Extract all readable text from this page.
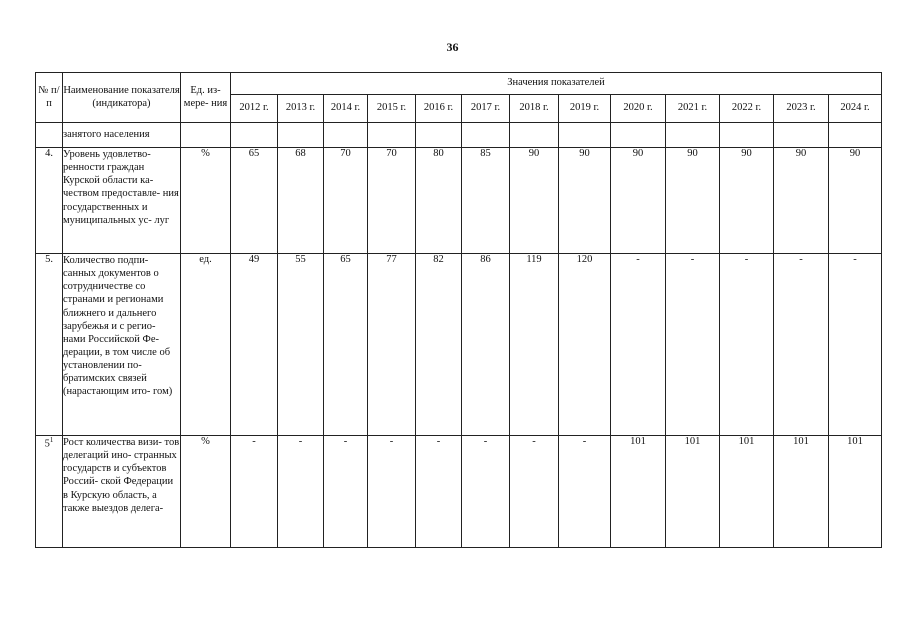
36
№ п/п	Наименование показателя (индикатора)	Ед. из- мере- ния	Значения показателей												
			2012 г.	2013 г.	2014 г.	2015 г.	2016 г.	2017 г.	2018 г.	2019 г.	2020 г.	2021 г.	2022 г.	2023 г.	2024 г.
	занятого населения														
4.	Уровень удовлетво- ренности граждан Курской области ка- чеством предоставле- ния государственных и муниципальных ус- луг	%	65	68	70	70	80	85	90	90	90	90	90	90	90
5.	Количество подпи- санных документов о сотрудничестве со странами и регионами ближнего и дальнего зарубежья и с регио- нами Российской Фе- дерации, в том числе об установлении по- братимских связей (нарастающим ито- гом)	ед.	49	55	65	77	82	86	119	120	-	-	-	-	-
$5^1$	Рост количества визи- тов делегаций ино- странных государств и субъектов Россий- ской Федерации в Курскую область, а также выездов делега-	%	-	-	-	-	-	-	-	-	101	101	101	101	101
